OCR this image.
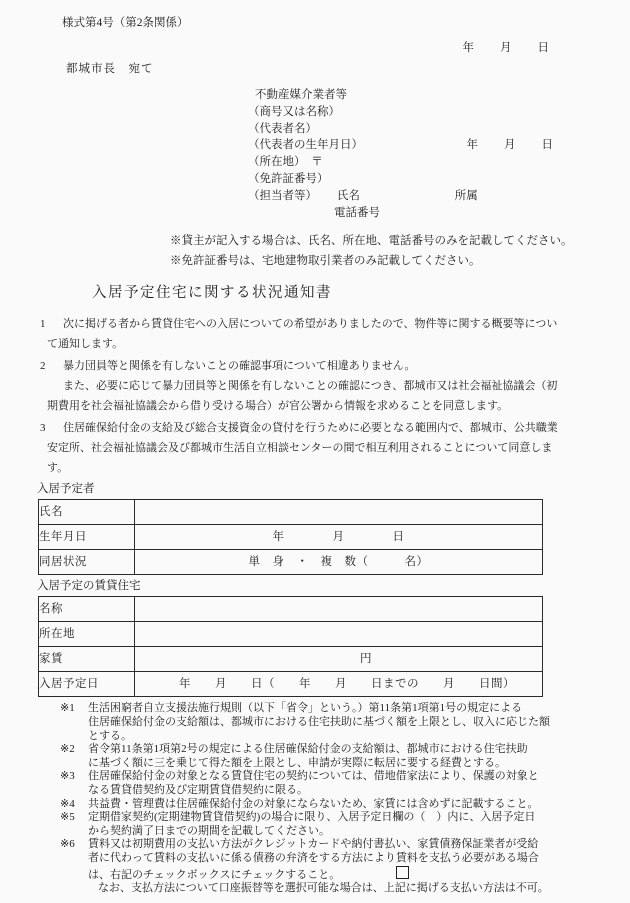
様式第4号（第2条関係）
年　　月　　日
都城市長　宛て
不動産媒介業者等
（商号又は名称）
（代表者名）
（代表者の生年月日）	年　　月　　日
（所在地）　〒
（免許証番号）
（担当者等） 氏名	所属
電話番号
※貸主が記入する場合は、氏名、所在地、電話番号のみを記載してください。
※免許証番号は、宅地建物取引業者のみ記載してください。
入居予定住宅に関する状況通知書
1 次に掲げる者から賃貸住宅への入居についての希望がありましたので、物件等に関する概要等につい
て通知します。
2 暴力団員等と関係を有しないことの確認事項について相違ありません。
また、必要に応じて暴力団員等と関係を有しないことの確認につき、都城市又は社会福祉協議会（初
期費用を社会福祉協議会から借り受ける場合）が官公署から情報を求めることを同意します。
3 住居確保給付金の支給及び総合支援資金の貸付を行うために必要となる範囲内で、都城市、公共職業
安定所、社会福祉協議会及び都城市生活自立相談センターの間で相互利用されることについて同意しま
す。
入居予定者
氏名	
生年月日	年　　　　月　　　　日
同居状況	単　身　・　複　数（　　　名）
入居予定の賃貸住宅
名称	
所在地	
家賃	円
入居予定日	年　　月　　日（　　年　　月　　日までの　　月　　日間）
※1 生活困窮者自立支援法施行規則（以下「省令」という。）第11条第1項第1号の規定による
住居確保給付金の支給額は、都城市における住宅扶助に基づく額を上限とし、収入に応じた額
とする。
※2 省令第11条第1項第2号の規定による住居確保給付金の支給額は、都城市における住宅扶助
に基づく額に三を乗じて得た額を上限とし、申請が実際に転居に要する経費とする。
※3 住居確保給付金の対象となる賃貸住宅の契約については、借地借家法により、保護の対象と
なる賃貸借契約及び定期賃貸借契約に限る。
※4 共益費・管理費は住居確保給付金の対象にならないため、家賃には含めずに記載すること。
※5 定期借家契約(定期建物賃貸借契約)の場合に限り、入居予定日欄の（　）内に、入居予定日
から契約満了日までの期間を記載してください。
※6 賃料又は初期費用の支払い方法がクレジットカードや納付書払い、家賃債務保証業者が受給
者に代わって賃料の支払いに係る債務の弁済をする方法により賃料を支払う必要がある場合
は、右記のチェックボックスにチェックすること。
なお、支払方法について口座振替等を選択可能な場合は、上記に掲げる支払い方法は不可。
